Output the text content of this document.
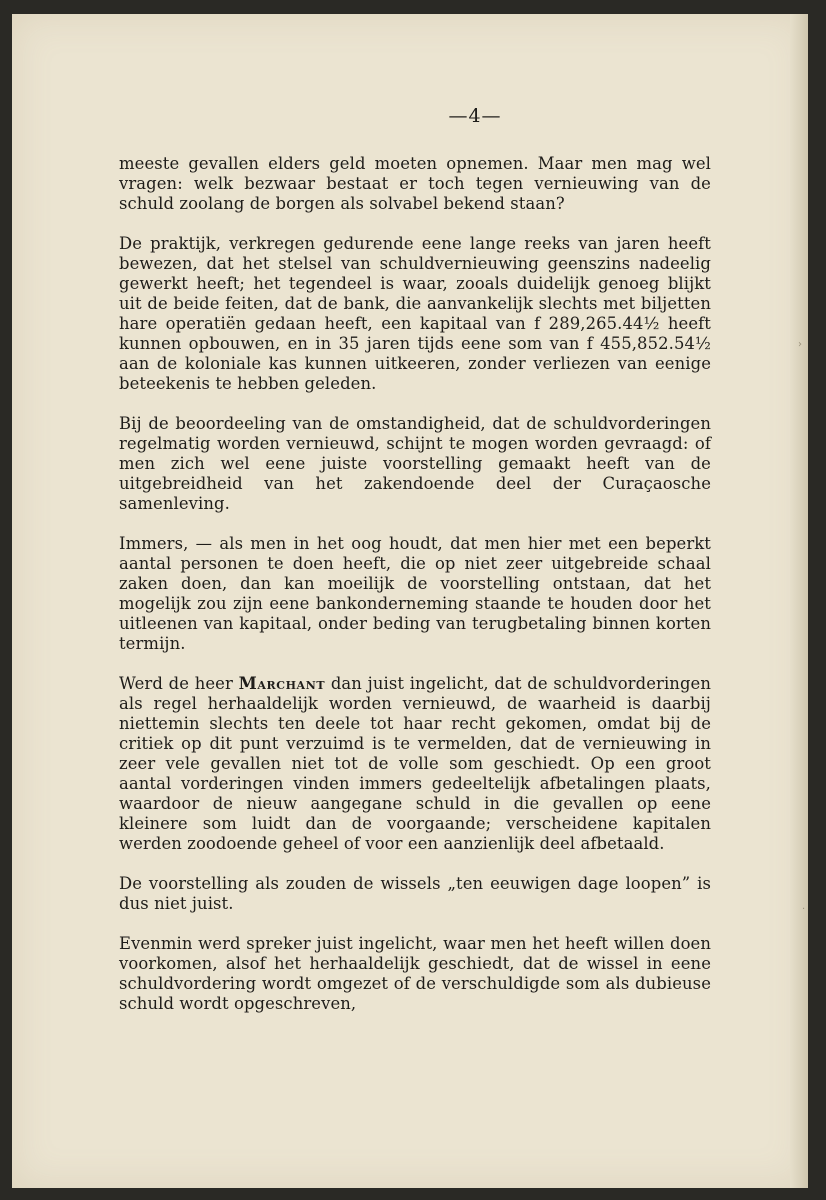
›
·
—4—

meeste gevallen elders geld moeten opnemen. Maar men mag wel vragen: welk bezwaar bestaat er toch tegen vernieuwing van de schuld zoolang de borgen als solvabel bekend staan?

De praktijk, verkregen gedurende eene lange reeks van jaren heeft bewezen, dat het stelsel van schuldvernieuwing geenszins nadeelig gewerkt heeft; het tegendeel is waar, zooals duidelijk genoeg blijkt uit de beide feiten, dat de bank, die aanvankelijk slechts met biljetten hare operatiën gedaan heeft, een kapitaal van f 289,265.44½ heeft kunnen opbouwen, en in 35 jaren tijds eene som van f 455,852.54½ aan de koloniale kas kunnen uitkeeren, zonder verliezen van eenige beteekenis te hebben geleden.

Bij de beoordeeling van de omstandigheid, dat de schuldvorderingen regelmatig worden vernieuwd, schijnt te mogen worden gevraagd: of men zich wel eene juiste voorstelling gemaakt heeft van de uitgebreidheid van het zakendoende deel der Curaçaosche samenleving.

Immers, — als men in het oog houdt, dat men hier met een beperkt aantal personen te doen heeft, die op niet zeer uitgebreide schaal zaken doen, dan kan moeilijk de voorstelling ontstaan, dat het mogelijk zou zijn eene bankonderneming staande te houden door het uitleenen van kapitaal, onder beding van terugbetaling binnen korten termijn.

Werd de heer Marchant dan juist ingelicht, dat de schuldvorderingen als regel herhaaldelijk worden vernieuwd, de waarheid is daarbij niettemin slechts ten deele tot haar recht gekomen, omdat bij de critiek op dit punt verzuimd is te vermelden, dat de vernieuwing in zeer vele gevallen niet tot de volle som geschiedt. Op een groot aantal vorderingen vinden immers gedeeltelijk afbetalingen plaats, waardoor de nieuw aangegane schuld in die gevallen op eene kleinere som luidt dan de voorgaande; verscheidene kapitalen werden zoodoende geheel of voor een aanzienlijk deel afbetaald.

De voorstelling als zouden de wissels „ten eeuwigen dage loopen” is dus niet juist.

Evenmin werd spreker juist ingelicht, waar men het heeft willen doen voorkomen, alsof het herhaaldelijk geschiedt, dat de wissel in eene schuldvordering wordt omgezet of de verschuldigde som als dubieuse schuld wordt opgeschreven,
